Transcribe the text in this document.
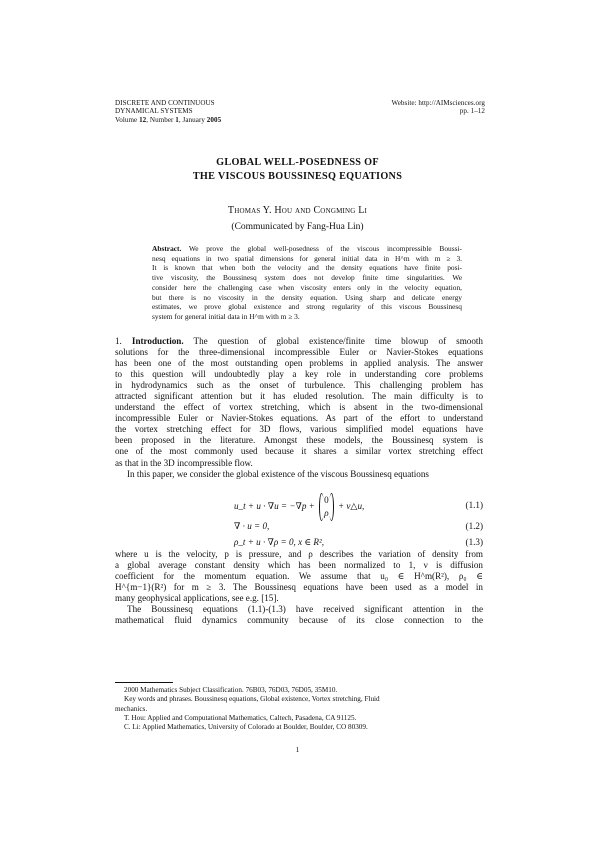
DISCRETE AND CONTINUOUS
DYNAMICAL SYSTEMS
Volume 12, Number 1, January 2005
Website: http://AIMsciences.org

pp. 1–12
GLOBAL WELL-POSEDNESS OF
THE VISCOUS BOUSSINESQ EQUATIONS
Thomas Y. Hou and Congming Li
(Communicated by Fang-Hua Lin)
Abstract. We prove the global well-posedness of the viscous incompressible Boussi-
nesq equations in two spatial dimensions for general initial data in H^m with m ≥ 3.
It is known that when both the velocity and the density equations have finite posi-
tive viscosity, the Boussinesq system does not develop finite time singularities. We
consider here the challenging case when viscosity enters only in the velocity equation,
but there is no viscosity in the density equation. Using sharp and delicate energy
estimates, we prove global existence and strong regularity of this viscous Boussinesq
system for general initial data in H^m with m ≥ 3.
1. Introduction. The question of global existence/finite time blowup of smooth
solutions for the three-dimensional incompressible Euler or Navier-Stokes equations
has been one of the most outstanding open problems in applied analysis. The answer
to this question will undoubtedly play a key role in understanding core problems
in hydrodynamics such as the onset of turbulence. This challenging problem has
attracted significant attention but it has eluded resolution. The main difficulty is to
understand the effect of vortex stretching, which is absent in the two-dimensional
incompressible Euler or Navier-Stokes equations. As part of the effort to understand
the vortex stretching effect for 3D flows, various simplified model equations have
been proposed in the literature. Amongst these models, the Boussinesq system is
one of the most commonly used because it shares a similar vortex stretching effect
as that in the 3D incompressible flow.
In this paper, we consider the global existence of the viscous Boussinesq equations
u_t + u · ∇u = −∇p +
0
ρ
+ ν△u,	(1.1)
∇ · u = 0,	(1.2)
ρ_t + u · ∇ρ = 0, x ∈ R²,	(1.3)
where u is the velocity, p is pressure, and ρ describes the variation of density from
a global average constant density which has been normalized to 1, ν is diffusion
coefficient for the momentum equation. We assume that u₀ ∈ H^m(R²), ρ₀ ∈
H^{m−1}(R²) for m ≥ 3. The Boussinesq equations have been used as a model in
many geophysical applications, see e.g. [15].
The Boussinesq equations (1.1)-(1.3) have received significant attention in the
mathematical fluid dynamics community because of its close connection to the
2000 Mathematics Subject Classification. 76B03, 76D03, 76D05, 35M10.
Key words and phrases. Boussinesq equations, Global existence, Vortex stretching, Fluid
mechanics.
T. Hou: Applied and Computational Mathematics, Caltech, Pasadena, CA 91125.
C. Li: Applied Mathematics, University of Colorado at Boulder, Boulder, CO 80309.
1
